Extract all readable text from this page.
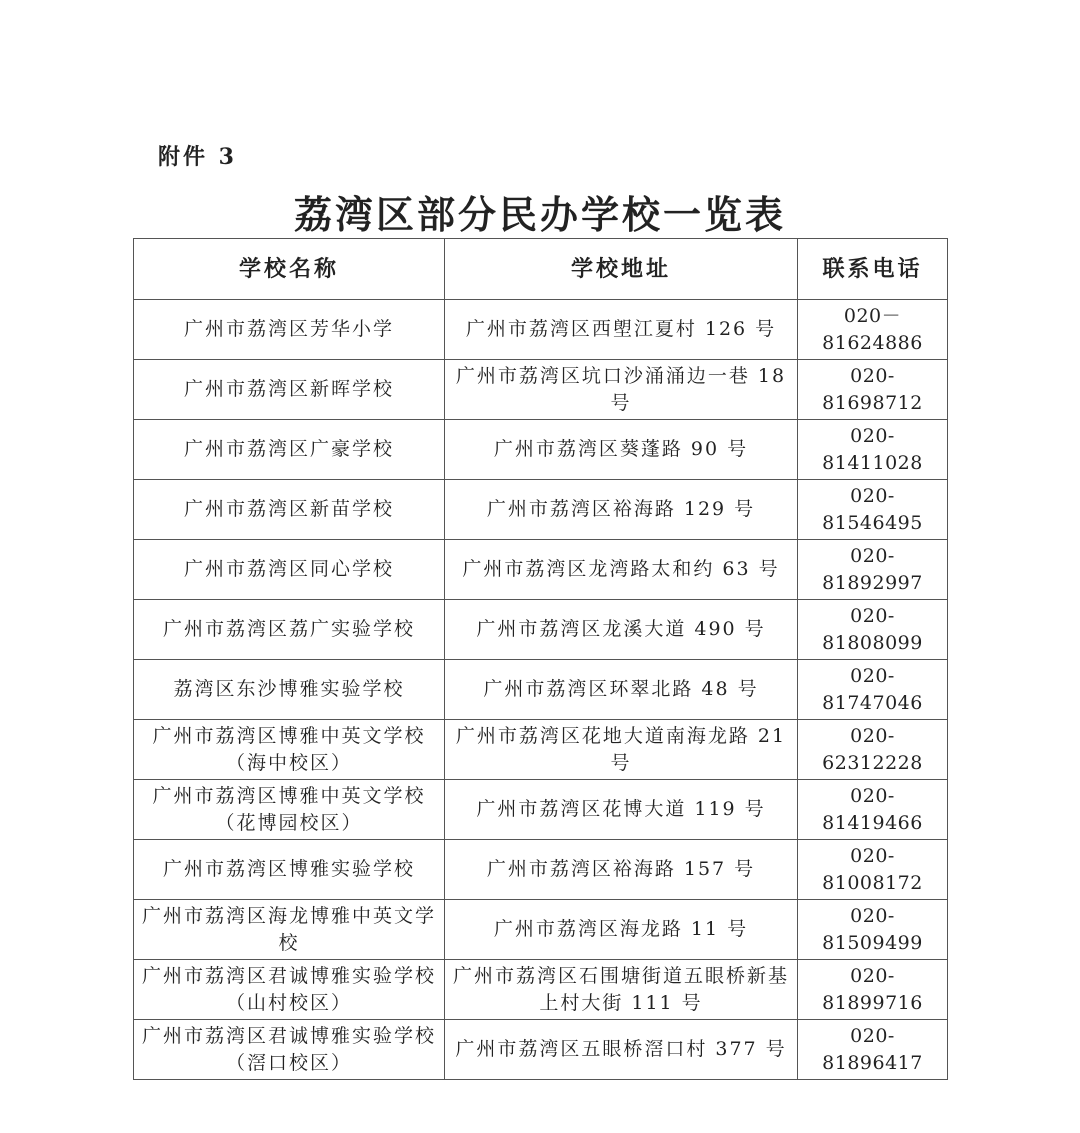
附件 3
荔湾区部分民办学校一览表
学校名称	学校地址	联系电话

广州市荔湾区芳华小学	广州市荔湾区西塱江夏村 126 号	020－81624886

广州市荔湾区新晖学校	广州市荔湾区坑口沙涌涌边一巷 18 号	020-81698712

广州市荔湾区广豪学校	广州市荔湾区葵蓬路 90 号	020-81411028

广州市荔湾区新苗学校	广州市荔湾区裕海路 129 号	020-81546495

广州市荔湾区同心学校	广州市荔湾区龙湾路太和约 63 号	020-81892997

广州市荔湾区荔广实验学校	广州市荔湾区龙溪大道 490 号	020-81808099

荔湾区东沙博雅实验学校	广州市荔湾区环翠北路 48 号	020-81747046

广州市荔湾区博雅中英文学校
（海中校区）	广州市荔湾区花地大道南海龙路 21 号	020-62312228

广州市荔湾区博雅中英文学校
（花博园校区）	广州市荔湾区花博大道 119 号	020-81419466

广州市荔湾区博雅实验学校	广州市荔湾区裕海路 157 号	020-81008172

广州市荔湾区海龙博雅中英文学
校	广州市荔湾区海龙路 11 号	020-81509499

广州市荔湾区君诚博雅实验学校
（山村校区）	广州市荔湾区石围塘街道五眼桥新基
上村大街 111 号	020-81899716

广州市荔湾区君诚博雅实验学校
（滘口校区）	广州市荔湾区五眼桥滘口村 377 号	020-81896417
